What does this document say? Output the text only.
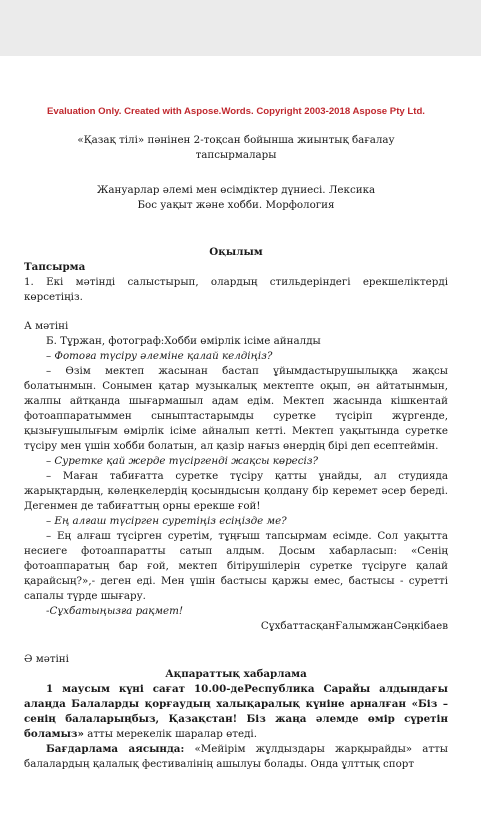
Evaluation Only. Created with Aspose.Words. Copyright 2003-2018 Aspose Pty Ltd.

«Қазақ тілі» пәнінен 2-тоқсан бойынша жиынтық бағалау
тапсырмалары

Жануарлар әлемі мен өсімдіктер дүниесі. Лексика
Бос уақыт және хобби. Морфология

Оқылым

Тапсырма

1. Екі мәтінді салыстырып, олардың стильдеріндегі ерекшеліктерді көрсетіңіз.

А мәтіні

Б. Тұржан, фотограф:Хобби өмірлік ісіме айналды

– Фотоға түсіру әлеміне қалай келдіңіз?

– Өзім мектеп жасынан бастап ұйымдастырушылыққа жақсы болатынмын. Сонымен қатар музыкалық мектепте оқып, ән айтатынмын, жалпы айтқанда шығармашыл адам едім. Мектеп жасында кішкентай фотоаппаратыммен сыныптастарымды суретке түсіріп жүргенде, қызығушылығым өмірлік ісіме айналып кетті. Мектеп уақытында суретке түсіру мен үшін хобби болатын, ал қазір нағыз өнердің бірі деп есептеймін.

– Суретке қай жерде түсіргенді жақсы көресіз?

– Маған табиғатта суретке түсіру қатты ұнайды, ал студияда жарықтардың, көлеңкелердің қосындысын қолдану бір керемет әсер береді. Дегенмен де табиғаттың орны ерекше ғой!

– Ең алғаш түсірген суретіңіз есіңізде ме?

– Ең алғаш түсірген суретім, тұңғыш тапсырмам есімде. Сол уақытта несиеге фотоаппаратты сатып алдым. Досым хабарласып: «Сенің фотоаппаратың бар ғой, мектеп бітірушілерін суретке түсіруге қалай қарайсың?»,- деген еді. Мен үшін бастысы қаржы емес, бастысы - суретті сапалы түрде шығару.

-Сұхбатыңызға рақмет!

СұхбаттасқанҒалымжанСәңкібаев

Ә мәтіні

Ақпараттық хабарлама

1 маусым күні сағат 10.00-деРеспублика Сарайы алдындағы алаңда Балаларды қорғаудың халықаралық күніне арналған «Біз – сенің балаларыңбыз, Қазақстан! Біз жаңа әлемде өмір сүретін боламыз» атты мерекелік шаралар өтеді.

Бағдарлама аясында: «Мейірім жұлдыздары жарқырайды» атты балалардың қалалық фестивалінің ашылуы болады. Онда ұлттық спорт
